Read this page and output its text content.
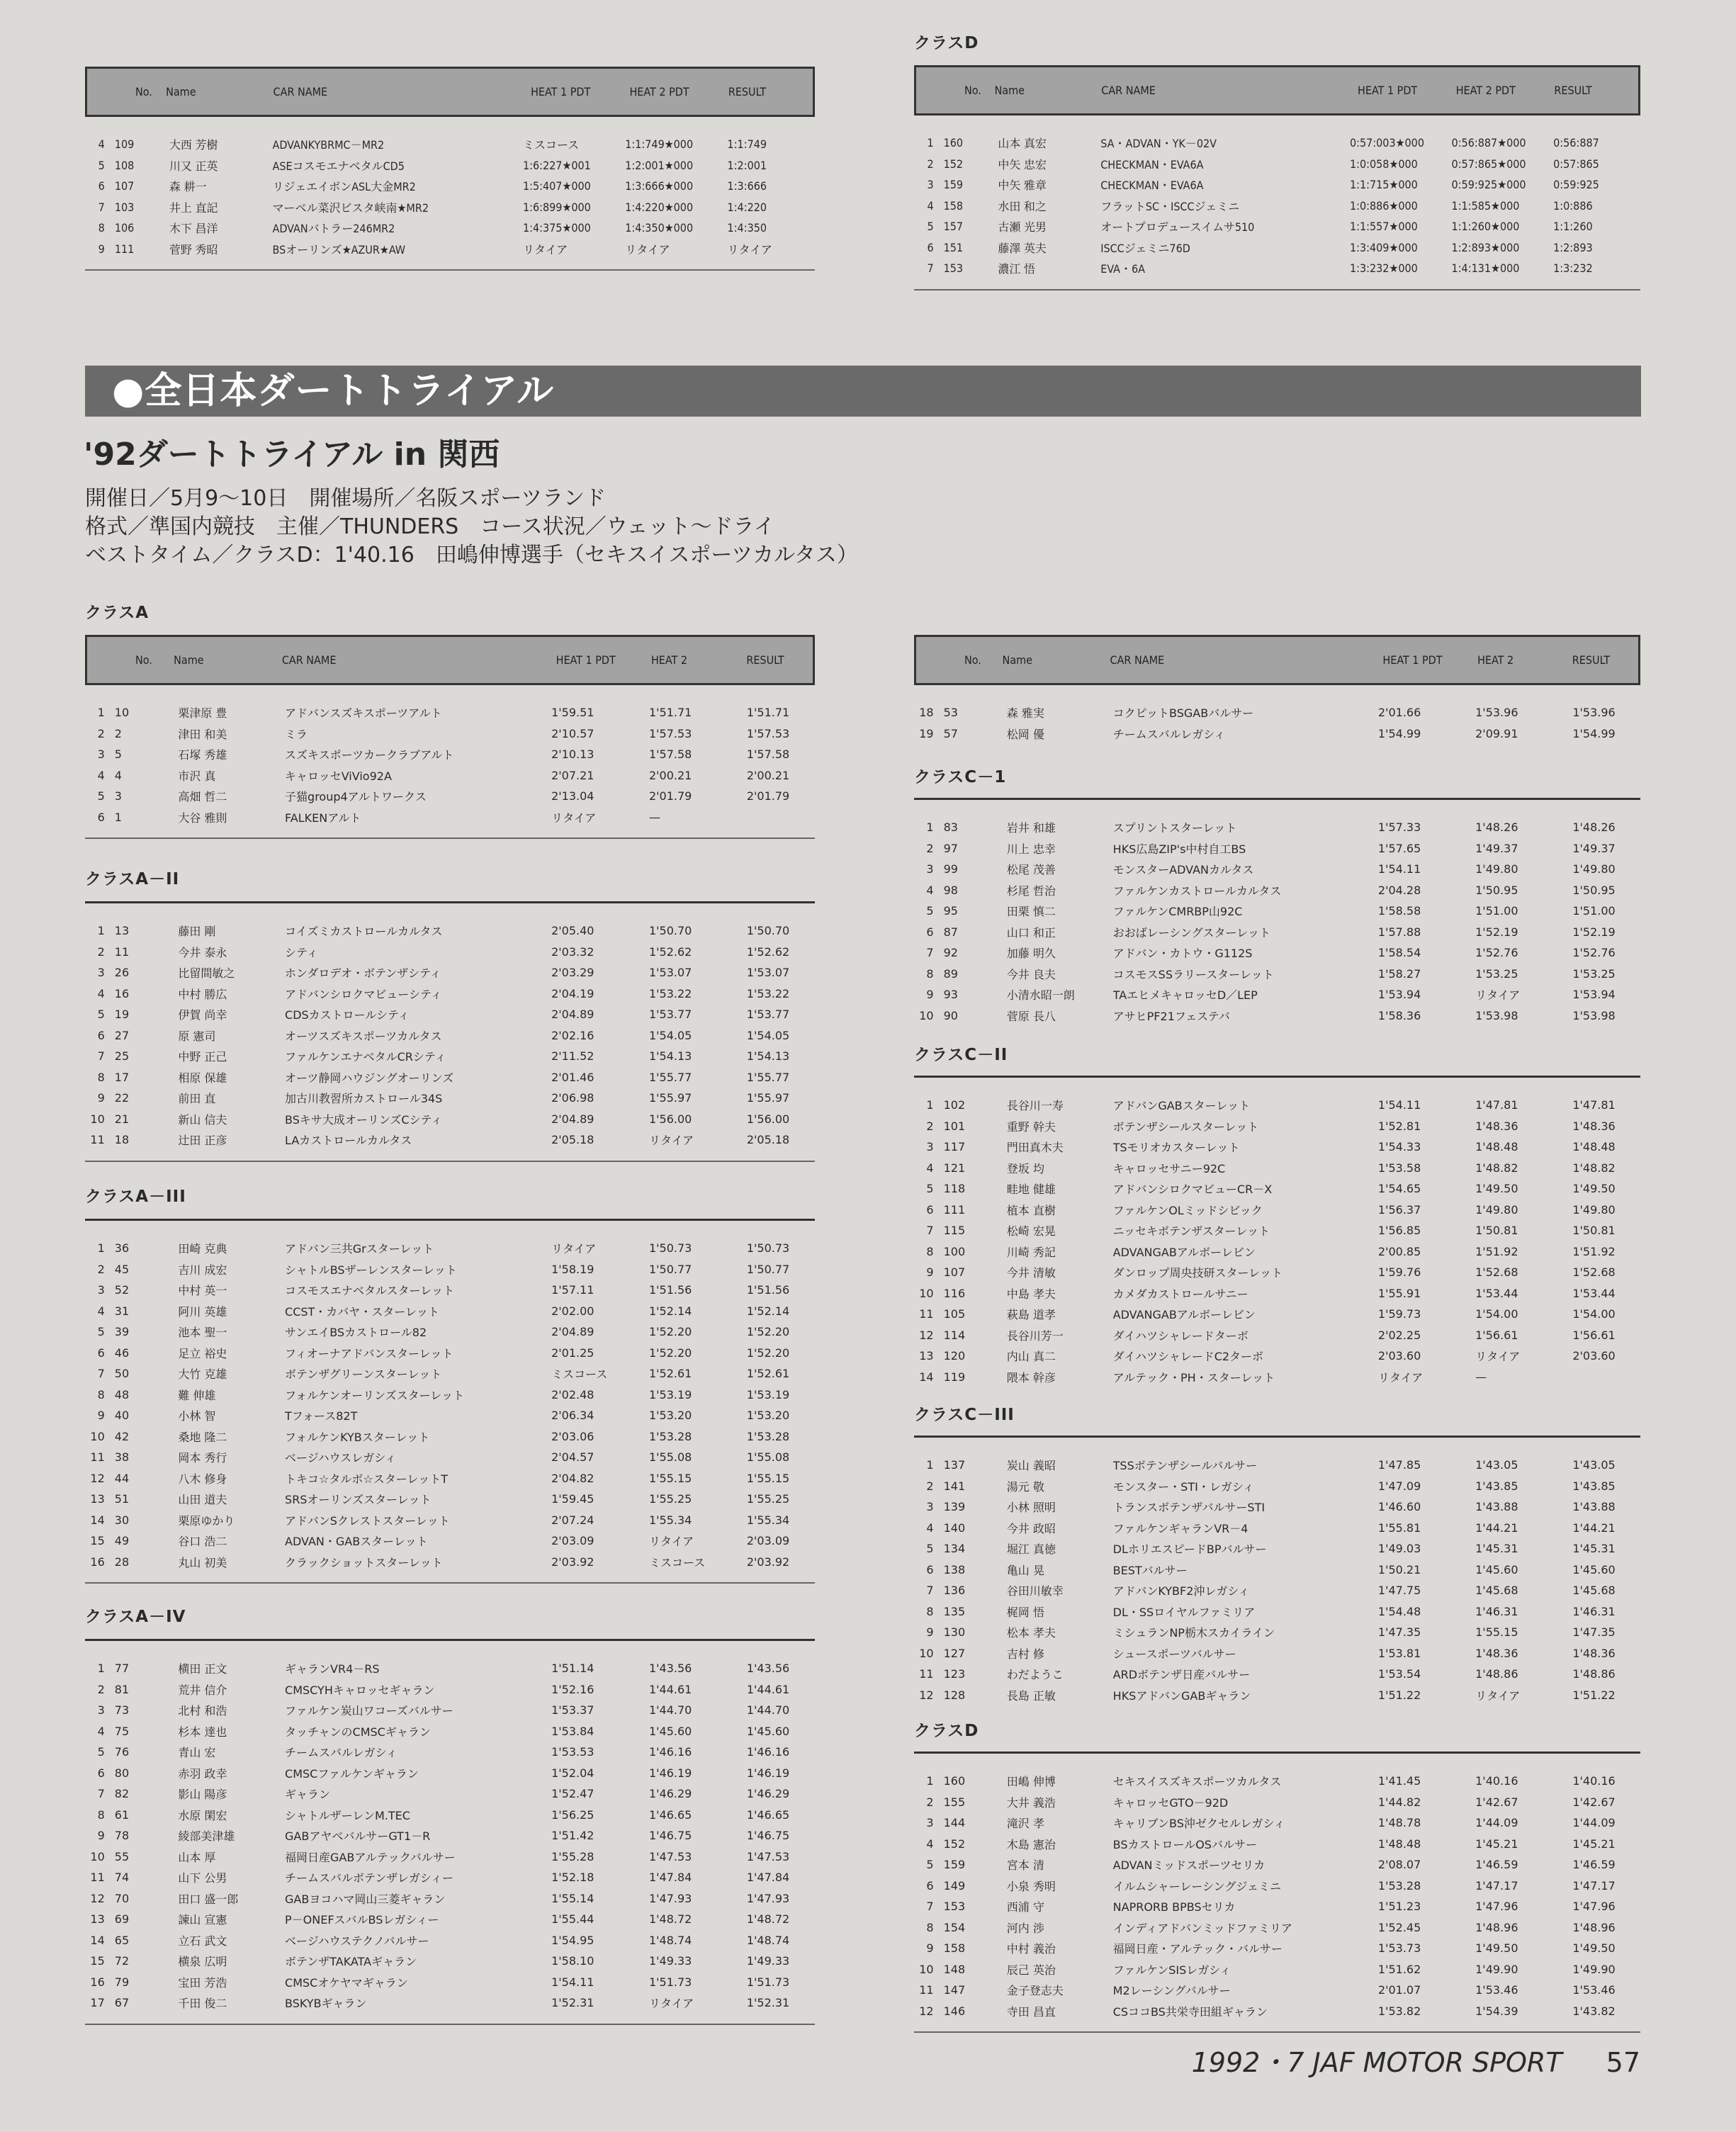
No.	Name	CAR NAME	HEAT 1 PDT	HEAT 2 PDT	RESULT
4	109	大西 芳樹	ADVANKYBRMC－MR2	ミスコース	1:1:749★000	1:1:749
5	108	川又 正英	ASEコスモエナベタルCD5	1:6:227★001	1:2:001★000	1:2:001
6	107	森 耕一	リジェエイボンASL大金MR2	1:5:407★000	1:3:666★000	1:3:666
7	103	井上 直記	マーベル菜沢ビスタ峡南★MR2	1:6:899★000	1:4:220★000	1:4:220
8	106	木下 昌洋	ADVANバトラー246MR2	1:4:375★000	1:4:350★000	1:4:350
9	111	菅野 秀昭	BSオーリンズ★AZUR★AW	リタイア	リタイア	リタイア
クラスD
No.	Name	CAR NAME	HEAT 1 PDT	HEAT 2 PDT	RESULT
1	160	山本 真宏	SA・ADVAN・YK－02V	0:57:003★000	0:56:887★000	0:56:887
2	152	中矢 忠宏	CHECKMAN・EVA6A	1:0:058★000	0:57:865★000	0:57:865
3	159	中矢 雅章	CHECKMAN・EVA6A	1:1:715★000	0:59:925★000	0:59:925
4	158	水田 和之	フラットSC・ISCCジェミニ	1:0:886★000	1:1:585★000	1:0:886
5	157	古瀬 光男	オートプロデュースイムサ510	1:1:557★000	1:1:260★000	1:1:260
6	151	藤澤 英夫	ISCCジェミニ76D	1:3:409★000	1:2:893★000	1:2:893
7	153	濃江 悟	EVA・6A	1:3:232★000	1:4:131★000	1:3:232
●全日本ダートトライアル
'92ダートトライアル in 関西
開催日／5月9～10日　開催場所／名阪スポーツランド
格式／準国内競技　主催／THUNDERS　コース状況／ウェット～ドライ
ベストタイム／クラスD：1'40.16　田嶋伸博選手（セキスイスポーツカルタス）
クラスA
No.	Name	CAR NAME	HEAT 1 PDT	HEAT 2	RESULT
1	10	栗津原 豊	アドバンスズキスポーツアルト	1'59.51	1'51.71	1'51.71
2	2	津田 和美	ミラ	2'10.57	1'57.53	1'57.53
3	5	石塚 秀雄	スズキスポーツカークラブアルト	2'10.13	1'57.58	1'57.58
4	4	市沢 真	キャロッセViVio92A	2'07.21	2'00.21	2'00.21
5	3	高畑 哲二	子猫group4アルトワークス	2'13.04	2'01.79	2'01.79
6	1	大谷 雅則	FALKENアルト	リタイア	—	
クラスA－II
1	13	藤田 剛	コイズミカストロールカルタス	2'05.40	1'50.70	1'50.70
2	11	今井 泰永	シティ	2'03.32	1'52.62	1'52.62
3	26	比留間敏之	ホンダロデオ・ボテンザシティ	2'03.29	1'53.07	1'53.07
4	16	中村 勝広	アドバンシロクマビューシティ	2'04.19	1'53.22	1'53.22
5	19	伊賀 尚幸	CDSカストロールシティ	2'04.89	1'53.77	1'53.77
6	27	原 憲司	オーツスズキスポーツカルタス	2'02.16	1'54.05	1'54.05
7	25	中野 正己	ファルケンエナベタルCRシティ	2'11.52	1'54.13	1'54.13
8	17	相原 保雄	オーツ静岡ハウジングオーリンズ	2'01.46	1'55.77	1'55.77
9	22	前田 直	加古川教習所カストロール34S	2'06.98	1'55.97	1'55.97
10	21	新山 信夫	BSキサ大成オーリンズCシティ	2'04.89	1'56.00	1'56.00
11	18	辻田 正彦	LAカストロールカルタス	2'05.18	リタイア	2'05.18
クラスA－III
1	36	田崎 克典	アドバン三共Grスターレット	リタイア	1'50.73	1'50.73
2	45	吉川 成宏	シャトルBSザーレンスターレット	1'58.19	1'50.77	1'50.77
3	52	中村 英一	コスモスエナベタルスターレット	1'57.11	1'51.56	1'51.56
4	31	阿川 英雄	CCST・カバヤ・スターレット	2'02.00	1'52.14	1'52.14
5	39	池本 聖一	サンエイBSカストロール82	2'04.89	1'52.20	1'52.20
6	46	足立 裕史	フィオーナアドバンスターレット	2'01.25	1'52.20	1'52.20
7	50	大竹 克雄	ボテンザグリーンスターレット	ミスコース	1'52.61	1'52.61
8	48	難 伸雄	フォルケンオーリンズスターレット	2'02.48	1'53.19	1'53.19
9	40	小林 智	Tフォース82T	2'06.34	1'53.20	1'53.20
10	42	桑地 隆二	フォルケンKYBスターレット	2'03.06	1'53.28	1'53.28
11	38	岡本 秀行	ベージハウスレガシィ	2'04.57	1'55.08	1'55.08
12	44	八木 修身	トキコ☆タルボ☆スターレットT	2'04.82	1'55.15	1'55.15
13	51	山田 道夫	SRSオーリンズスターレット	1'59.45	1'55.25	1'55.25
14	30	栗原ゆかり	アドバンSクレストスターレット	2'07.24	1'55.34	1'55.34
15	49	谷口 浩二	ADVAN・GABスターレット	2'03.09	リタイア	2'03.09
16	28	丸山 初美	クラックショットスターレット	2'03.92	ミスコース	2'03.92
クラスA－IV
1	77	横田 正文	ギャランVR4－RS	1'51.14	1'43.56	1'43.56
2	81	荒井 信介	CMSCYHキャロッセギャラン	1'52.16	1'44.61	1'44.61
3	73	北村 和浩	ファルケン炭山ワコーズバルサー	1'53.37	1'44.70	1'44.70
4	75	杉本 達也	タッチャンのCMSCギャラン	1'53.84	1'45.60	1'45.60
5	76	青山 宏	チームスバルレガシィ	1'53.53	1'46.16	1'46.16
6	80	赤羽 政幸	CMSCファルケンギャラン	1'52.04	1'46.19	1'46.19
7	82	影山 陽彦	ギャラン	1'52.47	1'46.29	1'46.29
8	61	水原 閑宏	シャトルザーレンM.TEC	1'56.25	1'46.65	1'46.65
9	78	綾部美津雄	GABアヤベバルサーGT1－R	1'51.42	1'46.75	1'46.75
10	55	山本 厚	福岡日産GABアルテックバルサー	1'55.28	1'47.53	1'47.53
11	74	山下 公男	チームスバルボテンザレガシィー	1'52.18	1'47.84	1'47.84
12	70	田口 盛一郎	GABヨコハマ岡山三菱ギャラン	1'55.14	1'47.93	1'47.93
13	69	諫山 宣憲	P－ONEFスバルBSレガシィー	1'55.44	1'48.72	1'48.72
14	65	立石 武文	ベージハウステクノバルサー	1'54.95	1'48.74	1'48.74
15	72	横泉 広明	ボテンザTAKATAギャラン	1'58.10	1'49.33	1'49.33
16	79	宝田 芳浩	CMSCオケヤマギャラン	1'54.11	1'51.73	1'51.73
17	67	千田 俊二	BSKYBギャラン	1'52.31	リタイア	1'52.31
No.	Name	CAR NAME	HEAT 1 PDT	HEAT 2	RESULT
18	53	森 雅実	コクピットBSGABバルサー	2'01.66	1'53.96	1'53.96
19	57	松岡 優	チームスバルレガシィ	1'54.99	2'09.91	1'54.99
クラスC－1
1	83	岩井 和雄	スプリントスターレット	1'57.33	1'48.26	1'48.26
2	97	川上 忠幸	HKS広島ZIP's中村自工BS	1'57.65	1'49.37	1'49.37
3	99	松尾 茂善	モンスターADVANカルタス	1'54.11	1'49.80	1'49.80
4	98	杉尾 哲治	ファルケンカストロールカルタス	2'04.28	1'50.95	1'50.95
5	95	田栗 慎二	ファルケンCMRBP山92C	1'58.58	1'51.00	1'51.00
6	87	山口 和正	おおばレーシングスターレット	1'57.88	1'52.19	1'52.19
7	92	加藤 明久	アドバン・カトウ・G112S	1'58.54	1'52.76	1'52.76
8	89	今井 良夫	コスモスSSラリースターレット	1'58.27	1'53.25	1'53.25
9	93	小清水昭一朗	TAエヒメキャロッセD／LEP	1'53.94	リタイア	1'53.94
10	90	菅原 長八	アサヒPF21フェステバ	1'58.36	1'53.98	1'53.98
クラスC－II
1	102	長谷川一寿	アドバンGABスターレット	1'54.11	1'47.81	1'47.81
2	101	重野 幹夫	ボテンザシールスターレット	1'52.81	1'48.36	1'48.36
3	117	門田真木夫	TSモリオカスターレット	1'54.33	1'48.48	1'48.48
4	121	登坂 均	キャロッセサニー92C	1'53.58	1'48.82	1'48.82
5	118	畦地 健雄	アドバンシロクマビューCR－X	1'54.65	1'49.50	1'49.50
6	111	植本 直樹	ファルケンOLミッドシビック	1'56.37	1'49.80	1'49.80
7	115	松崎 宏晃	ニッセキボテンザスターレット	1'56.85	1'50.81	1'50.81
8	100	川崎 秀記	ADVANGABアルボーレビン	2'00.85	1'51.92	1'51.92
9	107	今井 清敏	ダンロップ周央技研スターレット	1'59.76	1'52.68	1'52.68
10	116	中島 孝夫	カメダカストロールサニー	1'55.91	1'53.44	1'53.44
11	105	萩島 道孝	ADVANGABアルボーレビン	1'59.73	1'54.00	1'54.00
12	114	長谷川芳一	ダイハツシャレードターボ	2'02.25	1'56.61	1'56.61
13	120	内山 真二	ダイハツシャレードC2ターボ	2'03.60	リタイア	2'03.60
14	119	隈本 幹彦	アルテック・PH・スターレット	リタイア	—	
クラスC－III
1	137	炭山 義昭	TSSボテンザシールバルサー	1'47.85	1'43.05	1'43.05
2	141	湯元 敬	モンスター・STI・レガシィ	1'47.09	1'43.85	1'43.85
3	139	小林 照明	トランスボテンザバルサーSTI	1'46.60	1'43.88	1'43.88
4	140	今井 政昭	ファルケンギャランVR－4	1'55.81	1'44.21	1'44.21
5	134	堀江 真徳	DLホリエスピードBPバルサー	1'49.03	1'45.31	1'45.31
6	138	亀山 晃	BESTバルサー	1'50.21	1'45.60	1'45.60
7	136	谷田川敏幸	アドバンKYBF2沖レガシィ	1'47.75	1'45.68	1'45.68
8	135	梶岡 悟	DL・SSロイヤルファミリア	1'54.48	1'46.31	1'46.31
9	130	松本 孝夫	ミシュランNP栃木スカイライン	1'47.35	1'55.15	1'47.35
10	127	吉村 修	シュースポーツバルサー	1'53.81	1'48.36	1'48.36
11	123	わだようこ	ARDボテンザ日産バルサー	1'53.54	1'48.86	1'48.86
12	128	長島 正敏	HKSアドバンGABギャラン	1'51.22	リタイア	1'51.22
クラスD
1	160	田嶋 伸博	セキスイスズキスポーツカルタス	1'41.45	1'40.16	1'40.16
2	155	大井 義浩	キャロッセGTO－92D	1'44.82	1'42.67	1'42.67
3	144	滝沢 孝	キャリブンBS沖ゼクセルレガシィ	1'48.78	1'44.09	1'44.09
4	152	木島 憲治	BSカストロールOSバルサー	1'48.48	1'45.21	1'45.21
5	159	宮本 清	ADVANミッドスポーツセリカ	2'08.07	1'46.59	1'46.59
6	149	小泉 秀明	イルムシャーレーシングジェミニ	1'53.28	1'47.17	1'47.17
7	153	西浦 守	NAPRORB BPBSセリカ	1'51.23	1'47.96	1'47.96
8	154	河内 渉	インディアドバンミッドファミリア	1'52.45	1'48.96	1'48.96
9	158	中村 義治	福岡日産・アルテック・バルサー	1'53.73	1'49.50	1'49.50
10	148	辰己 英治	ファルケンSISレガシィ	1'51.62	1'49.90	1'49.90
11	147	金子登志夫	M2レーシングバルサー	2'01.07	1'53.46	1'53.46
12	146	寺田 昌直	CSココBS共栄寺田組ギャラン	1'53.82	1'54.39	1'43.82
1992・7 JAF MOTOR SPORT 57
